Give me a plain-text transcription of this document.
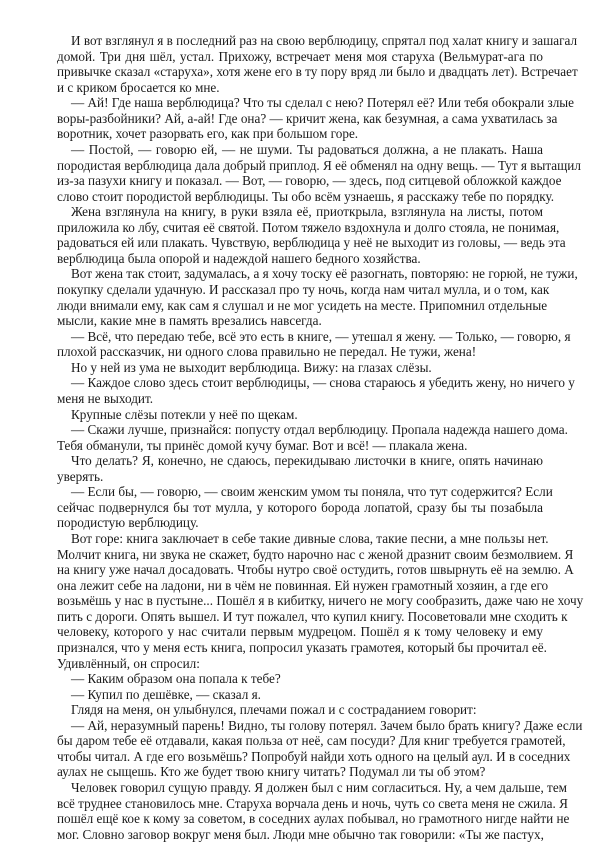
И вот взглянул я в последний раз на свою верблюдицу, спрятал под халат книгу и зашагал
домой. Три дня шёл, устал. Прихожу, встречает меня моя старуха (Вельмурат-ага по
привычке сказал «старуха», хотя жене его в ту пору вряд ли было и двадцать лет). Встречает
и с криком бросается ко мне.
— Ай! Где наша верблюдица? Что ты сделал с нею? Потерял её? Или тебя обокрали злые
воры-разбойники? Ай, а-ай! Где она? — кричит жена, как безумная, а сама ухватилась за
воротник, хочет разорвать его, как при большом горе.
— Постой, — говорю ей, — не шуми. Ты радоваться должна, а не плакать. Наша
породистая верблюдица дала добрый приплод. Я её обменял на одну вещь. — Тут я вытащил
из-за пазухи книгу и показал. — Вот, — говорю, — здесь, под ситцевой обложкой каждое
слово стоит породистой верблюдицы. Ты обо всём узнаешь, я расскажу тебе по порядку.
Жена взглянула на книгу, в руки взяла её, приоткрыла, взглянула на листы, потом
приложила ко лбу, считая её святой. Потом тяжело вздохнула и долго стояла, не понимая,
радоваться ей или плакать. Чувствую, верблюдица у неё не выходит из головы, — ведь эта
верблюдица была опорой и надеждой нашего бедного хозяйства.
Вот жена так стоит, задумалась, а я хочу тоску её разогнать, повторяю: не горюй, не тужи,
покупку сделали удачную. И рассказал про ту ночь, когда нам читал мулла, и о том, как
люди внимали ему, как сам я слушал и не мог усидеть на месте. Припомнил отдельные
мысли, какие мне в память врезались навсегда.
— Всё, что передаю тебе, всё это есть в книге, — утешал я жену. — Только, — говорю, я
плохой рассказчик, ни одного слова правильно не передал. Не тужи, жена!
Но у ней из ума не выходит верблюдица. Вижу: на глазах слёзы.
— Каждое слово здесь стоит верблюдицы, — снова стараюсь я убедить жену, но ничего у
меня не выходит.
Крупные слёзы потекли у неё по щекам.
— Скажи лучше, признайся: попусту отдал верблюдицу. Пропала надежда нашего дома.
Тебя обманули, ты принёс домой кучу бумаг. Вот и всё! — плакала жена.
Что делать? Я, конечно, не сдаюсь, перекидываю листочки в книге, опять начинаю
уверять.
— Если бы, — говорю, — своим женским умом ты поняла, что тут содержится? Если
сейчас подвернулся бы тот мулла, у которого борода лопатой, сразу бы ты позабыла
породистую верблюдицу.
Вот горе: книга заключает в себе такие дивные слова, такие песни, а мне пользы нет.
Молчит книга, ни звука не скажет, будто нарочно нас с женой дразнит своим безмолвием. Я
на книгу уже начал досадовать. Чтобы нутро своё остудить, готов швырнуть её на землю. А
она лежит себе на ладони, ни в чём не повинная. Ей нужен грамотный хозяин, а где его
возьмёшь у нас в пустыне... Пошёл я в кибитку, ничего не могу сообразить, даже чаю не хочу
пить с дороги. Опять вышел. И тут пожалел, что купил книгу. Посоветовали мне сходить к
человеку, которого у нас считали первым мудрецом. Пошёл я к тому человеку и ему
признался, что у меня есть книга, попросил указать грамотея, который бы прочитал её.
Удивлённый, он спросил:
— Каким образом она попала к тебе?
— Купил по дешёвке, — сказал я.
Глядя на меня, он улыбнулся, плечами пожал и с состраданием говорит:
— Ай, неразумный парень! Видно, ты голову потерял. Зачем было брать книгу? Даже если
бы даром тебе её отдавали, какая польза от неё, сам посуди? Для книг требуется грамотей,
чтобы читал. А где его возьмёшь? Попробуй найди хоть одного на целый аул. И в соседних
аулах не сыщешь. Кто же будет твою книгу читать? Подумал ли ты об этом?
Человек говорил сущую правду. Я должен был с ним согласиться. Ну, а чем дальше, тем
всё труднее становилось мне. Старуха ворчала день и ночь, чуть со света меня не сжила. Я
пошёл ещё кое к кому за советом, в соседних аулах побывал, но грамотного нигде найти не
мог. Словно заговор вокруг меня был. Люди мне обычно так говорили: «Ты же пастух,
